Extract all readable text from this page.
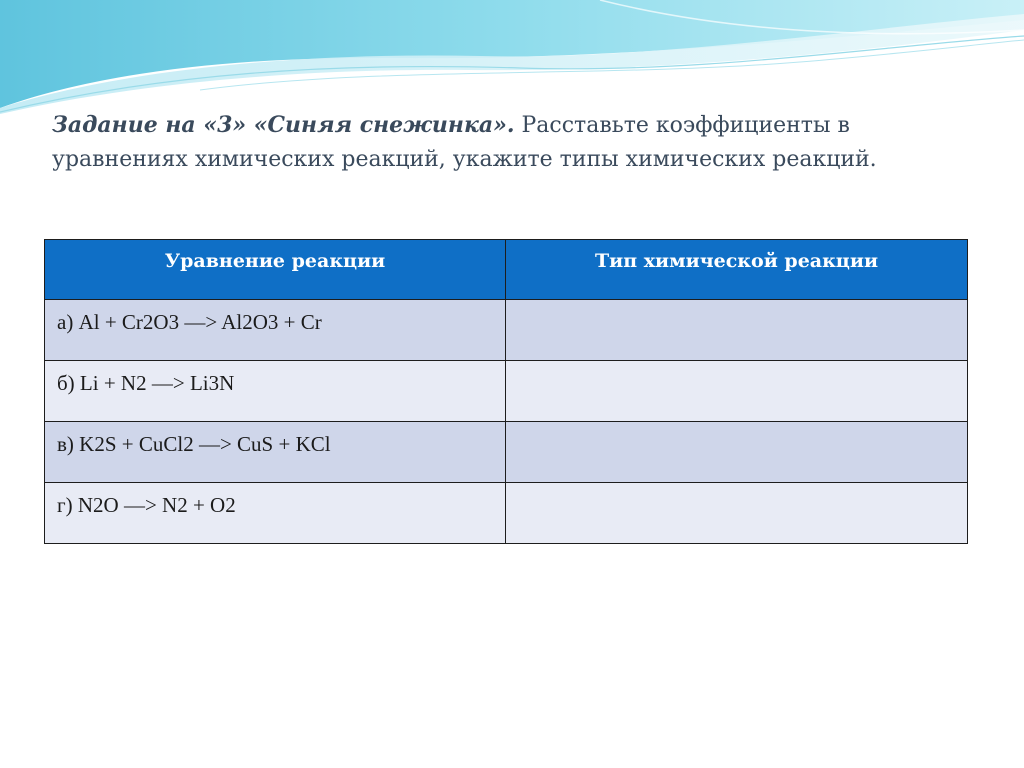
Задание на «3» «Синяя снежинка». Расставьте коэффициенты в уравнениях химических реакций, укажите типы химических реакций.

Уравнение реакции	Тип химической реакции
а) Al + Cr2O3 —> Al2O3 + Cr	
б) Li + N2 —> Li3N	
в) K2S + CuCl2 —> CuS + KCl	
г) N2O —> N2 + O2	
